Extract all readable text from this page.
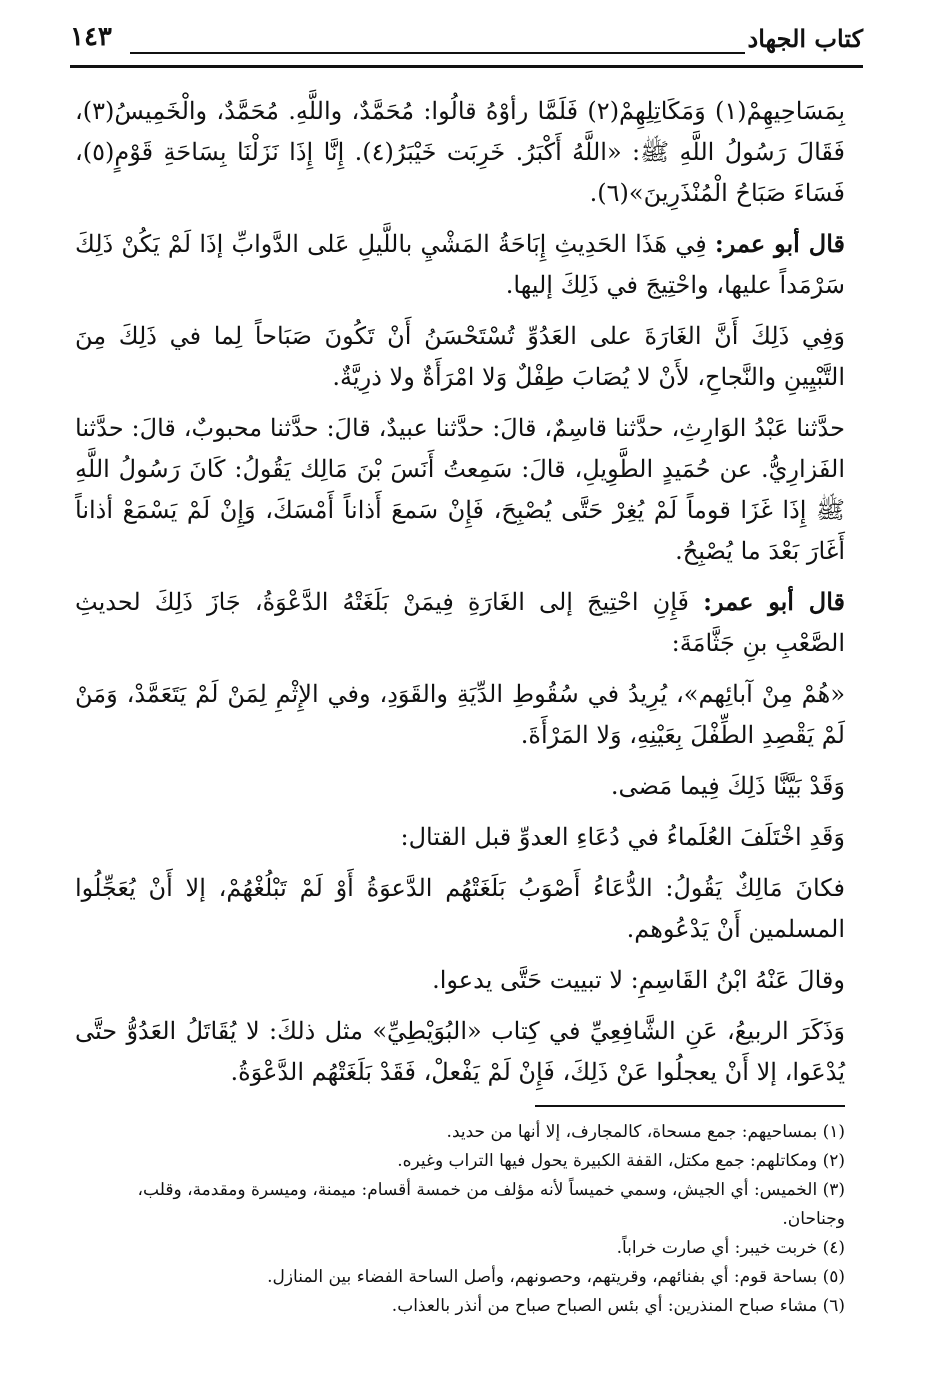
كتاب الجهاد
١٤٣

بِمَسَاحِيهِمْ(١) وَمَكَاتِلِهِمْ(٢) فَلَمَّا رأوْهُ قالُوا: مُحَمَّدٌ، واللَّهِ. مُحَمَّدٌ، والْخَمِيسُ(٣)، فَقَالَ رَسُولُ اللَّهِ ﷺ: «اللَّهُ أَكْبَرُ. خَرِبَت خَيْبَرُ(٤). إِنَّا إِذَا نَزَلْنَا بِسَاحَةِ قَوْمٍ(٥)، فَسَاءَ صَبَاحُ الْمُنْذَرِينَ»(٦).

قال أبو عمر: فِي هَذَا الحَدِيثِ إِبَاحَةُ المَشْيِ باللَّيلِ عَلى الدَّوابِّ إذَا لَمْ يَكُنْ ذَلِكَ سَرْمَداً عليها، واحْتِيجَ في ذَلِكَ إليها.

وَفِي ذَلِكَ أَنَّ الغَارَةَ على العَدُوِّ تُسْتَحْسَنُ أَنْ تَكُونَ صَبَاحاً لِما في ذَلِكَ مِنَ التَّبْيِينِ والنَّجاحِ، لأَنْ لا يُصَابَ طِفْلٌ وَلا امْرَأَةٌ ولا ذرِيَّةٌ.

حدَّثنا عَبْدُ الوَارِثِ، حدَّثنا قاسِمٌ، قالَ: حدَّثنا عبيدٌ، قالَ: حدَّثنا محبوبٌ، قالَ: حدَّثنا الفَزارِيُّ. عن حُمَيدٍ الطَّوِيلِ، قالَ: سَمِعتُ أَنَسَ بْنَ مَالِك يَقُولُ: كَانَ رَسُولُ اللَّهِ ﷺ إِذَا غَزَا قوماً لَمْ يُغِرْ حَتَّى يُصْبِحَ، فَإِنْ سَمعَ أَذاناً أَمْسَكَ، وَإِنْ لَمْ يَسْمَعْ أذاناً أَغَارَ بَعْدَ ما يُصْبِحُ.

قال أبو عمر: فَإِنِ احْتِيجَ إلى الغَارَةِ فِيمَنْ بَلَغَتْهُ الدَّعْوَةُ، جَازَ ذَلِكَ لحديثِ الصَّعْبِ بنِ جَثَّامَةَ:

«هُمْ مِنْ آبائِهم»، يُرِيدُ في سُقُوطِ الدِّيَةِ والقَوَدِ، وفي الإِثْمِ لِمَنْ لَمْ يَتَعَمَّدْ، وَمَنْ لَمْ يَقْصِدِ الطِّفْلَ بِعَيْنِهِ، وَلا المَرْأَةَ.

وَقَدْ بَيَّنَّا ذَلِكَ فِيما مَضى.

وَقَدِ اخْتَلَفَ العُلَماءُ في دُعَاءِ العدوِّ قبل القتال:

فكانَ مَالِكٌ يَقُولُ: الدُّعَاءُ أَصْوَبُ بَلَغَتْهُم الدَّعوَةُ أَوْ لَمْ تَبْلُغْهُمْ، إلا أَنْ يُعَجِّلُوا المسلمين أَنْ يَدْعُوهم.

وقالَ عَنْهُ ابْنُ القَاسِمِ: لا تبييت حَتَّى يدعوا.

وَذَكَرَ الربيعُ، عَنِ الشَّافِعِيِّ في كِتاب «البُوَيْطِيِّ» مثل ذلكَ: لا يُقَاتَلُ العَدُوُّ حتَّى يُدْعَوا، إلا أَنْ يعجلُوا عَنْ ذَلِكَ، فَإِنْ لَمْ يَفْعلْ، فَقَدْ بَلَغَتْهُم الدَّعْوَةُ.

(١) بمساحيهم: جمع مسحاة، كالمجارف، إلا أنها من حديد.

(٢) ومكاتلهم: جمع مكتل، القفة الكبيرة يحول فيها التراب وغيره.

(٣) الخميس: أي الجيش، وسمي خميساً لأنه مؤلف من خمسة أقسام: ميمنة، وميسرة ومقدمة، وقلب، وجناحان.

(٤) خربت خيبر: أي صارت خراباً.

(٥) بساحة قوم: أي بفنائهم، وقريتهم، وحصونهم، وأصل الساحة الفضاء بين المنازل.

(٦) مشاء صباح المنذرين: أي بئس الصباح صباح من أنذر بالعذاب.
